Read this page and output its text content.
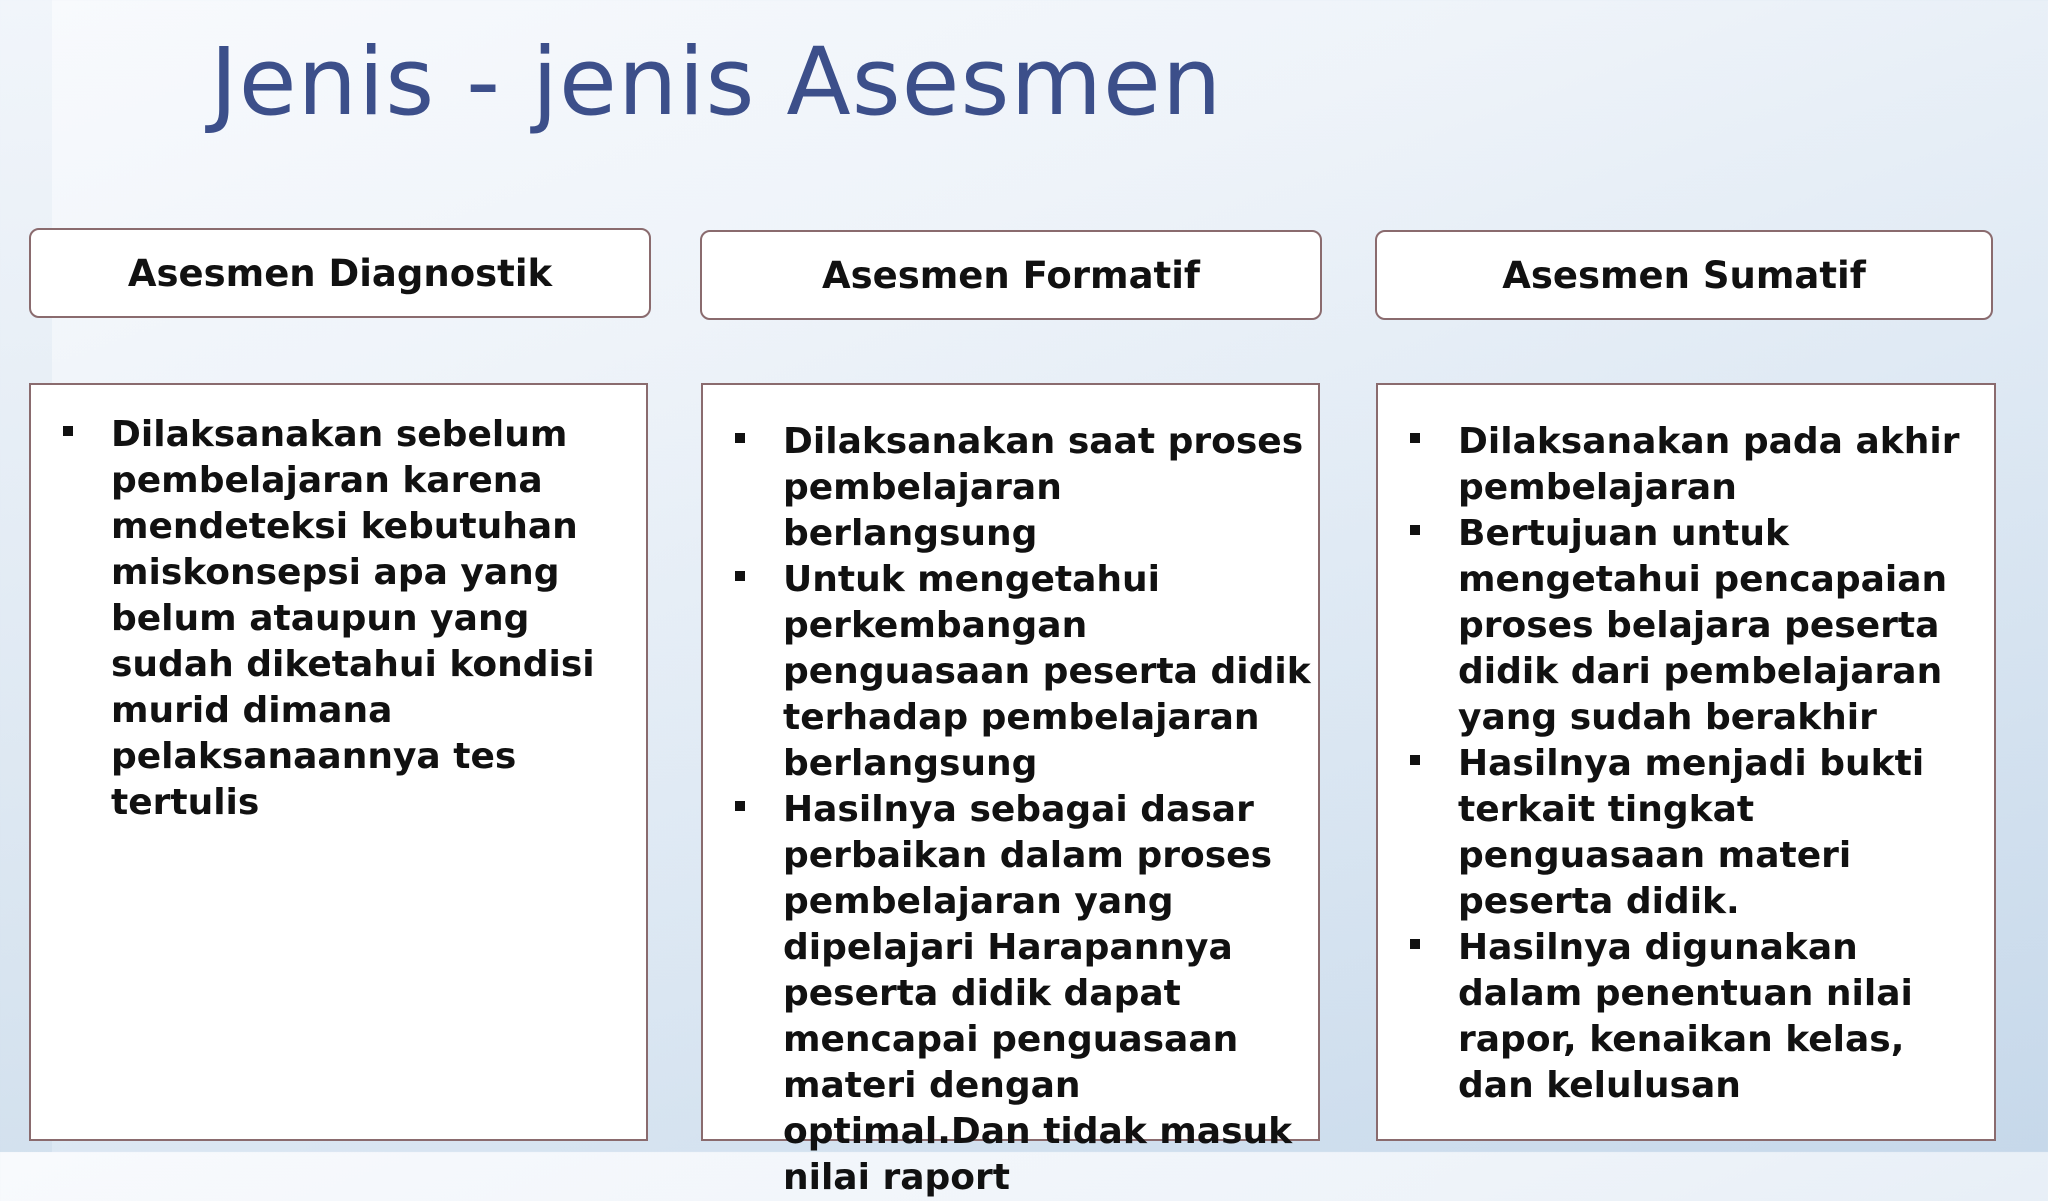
Jenis - jenis Asesmen
Asesmen Diagnostik	Asesmen Formatif	Asesmen Sumatif
Dilaksanakan sebelum pembelajaran karena mendeteksi kebutuhan miskonsepsi apa yang belum ataupun yang sudah diketahui kondisi murid dimana pelaksanaannya tes tertulis
Dilaksanakan saat proses pembelajaran berlangsung
Untuk mengetahui perkembangan penguasaan peserta didik terhadap pembelajaran berlangsung
Hasilnya sebagai dasar perbaikan dalam proses pembelajaran yang dipelajari Harapannya peserta didik dapat mencapai penguasaan materi dengan optimal.Dan tidak masuk nilai raport
Dilaksanakan pada akhir pembelajaran
Bertujuan untuk mengetahui pencapaian proses belajara peserta didik dari pembelajaran yang sudah berakhir
Hasilnya menjadi bukti terkait tingkat penguasaan materi peserta didik.
Hasilnya digunakan dalam penentuan nilai rapor, kenaikan kelas, dan kelulusan
